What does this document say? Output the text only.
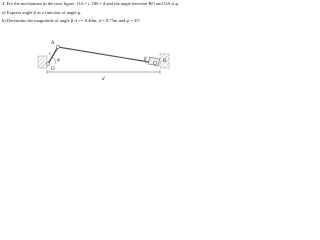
4. For the mechanism in the next figure, OA = r, OB = d and the angle between BO and OA is φ.
a) Express angle β as a function of angle φ.
b) Determine the magnitude of angle β if r = 0.40m, d = 0.75m and φ = 35°.
d
A
r
O
φ	β	B
